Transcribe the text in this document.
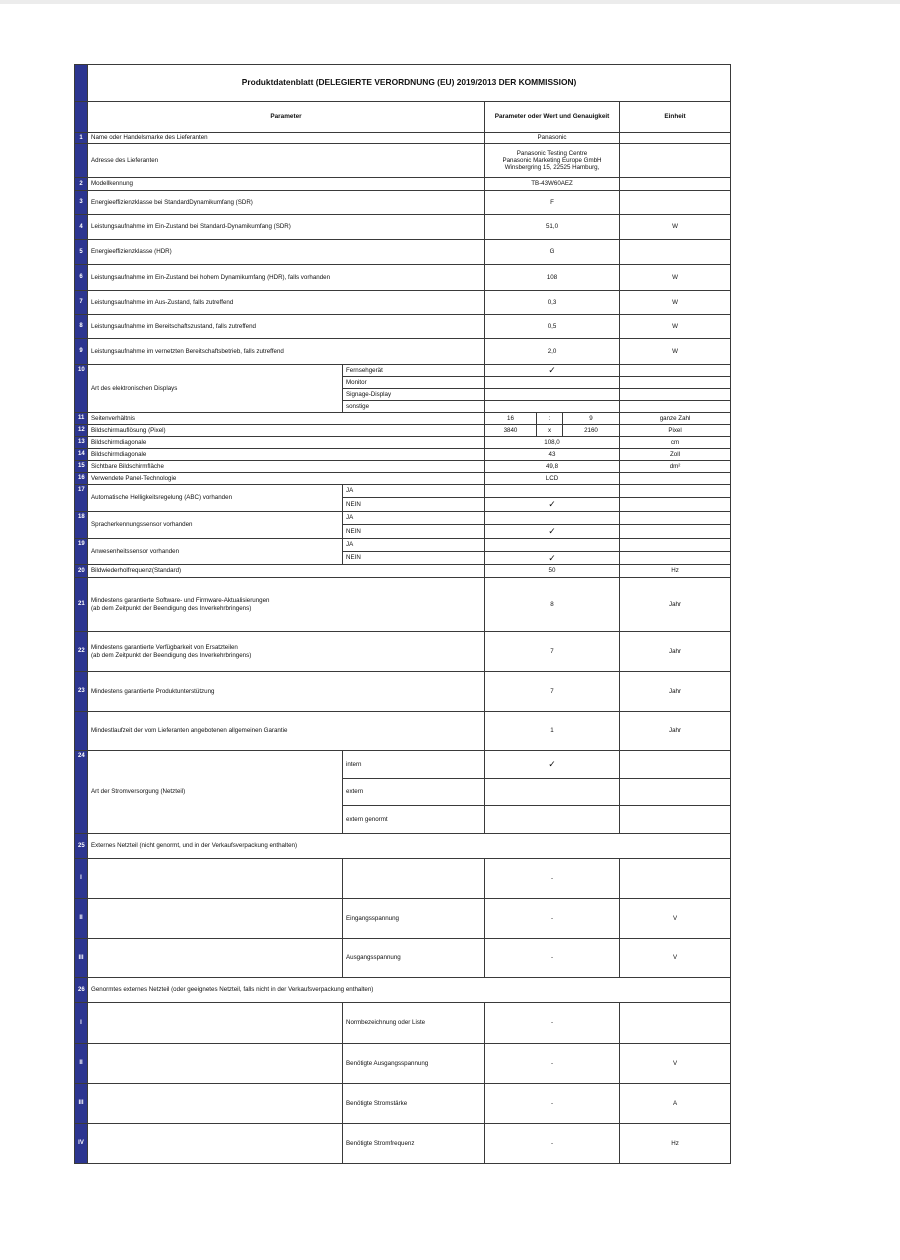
	Produktdatenblatt (DELEGIERTE VERORDNUNG (EU) 2019/2013 DER KOMMISSION)					
	Parameter		Parameter oder Wert und Genauigkeit			Einheit
1	Name oder Handelsmarke des Lieferanten		Panasonic			
	Adresse des Lieferanten		Panasonic Testing Centre
Panasonic Marketing Europe GmbH
Winsbergring 15, 22525 Hamburg,			

2	Modellkennung		TB-43W60AEZ			
3	Energieeffizienzklasse bei StandardDynamikumfang (SDR)		F			
4	Leistungsaufnahme im Ein-Zustand bei Standard-Dynamikumfang (SDR)		51,0			W
5	Energieeffizienzklasse (HDR)		G			
6	Leistungsaufnahme im Ein-Zustand bei hohem Dynamikumfang (HDR), falls vorhanden		108			W
7	Leistungsaufnahme im Aus-Zustand, falls zutreffend		0,3			W
8	Leistungsaufnahme im Bereitschaftszustand, falls zutreffend		0,5			W
9	Leistungsaufnahme im vernetzten Bereitschaftsbetrieb, falls zutreffend		2,0			W
10	Art des elektronischen Displays	Fernsehgerät	✓			
		Monitor				
		Signage-Display				
		sonstige				
11	Seitenverhältnis		16	:	9	ganze Zahl
12	Bildschirmauflösung (Pixel)		3840	x	2160	Pixel
13	Bildschirmdiagonale		108,0			cm
14	Bildschirmdiagonale		43			Zoll
15	Sichtbare Bildschirmfläche		49,8			dm²
16	Verwendete Panel-Technologie		LCD			
17	Automatische Helligkeitsregelung (ABC) vorhanden	JA				
		NEIN	✓			
18	Spracherkennungssensor vorhanden	JA				
		NEIN	✓			
19	Anwesenheitssensor vorhanden	JA				
		NEIN	✓			
20	Bildwiederholfrequenz(Standard)		50			Hz
21	Mindestens garantierte Software- und Firmware-Aktualisierungen
(ab dem Zeitpunkt der Beendigung des Inverkehrbringens)		8			Jahr
22	Mindestens garantierte Verfügbarkeit von Ersatzteilen
(ab dem Zeitpunkt der Beendigung des Inverkehrbringens)		7			Jahr
23	Mindestens garantierte Produktunterstützung		7			Jahr
	Mindestlaufzeit der vom Lieferanten angebotenen allgemeinen Garantie		1			Jahr
24	Art der Stromversorgung (Netzteil)	intern	✓			
		extern				
		extern genormt				
25	Externes Netzteil (nicht genormt, und in der Verkaufsverpackung enthalten)					
I			-			
II		Eingangsspannung	-			V
III		Ausgangsspannung	-			V
26	Genormtes externes Netzteil (oder geeignetes Netzteil, falls nicht in der Verkaufsverpackung enthalten)					
I		Normbezeichnung oder Liste	-			
II		Benötigte Ausgangsspannung	-			V
III		Benötigte Stromstärke	-			A
IV		Benötigte Stromfrequenz	-			Hz
